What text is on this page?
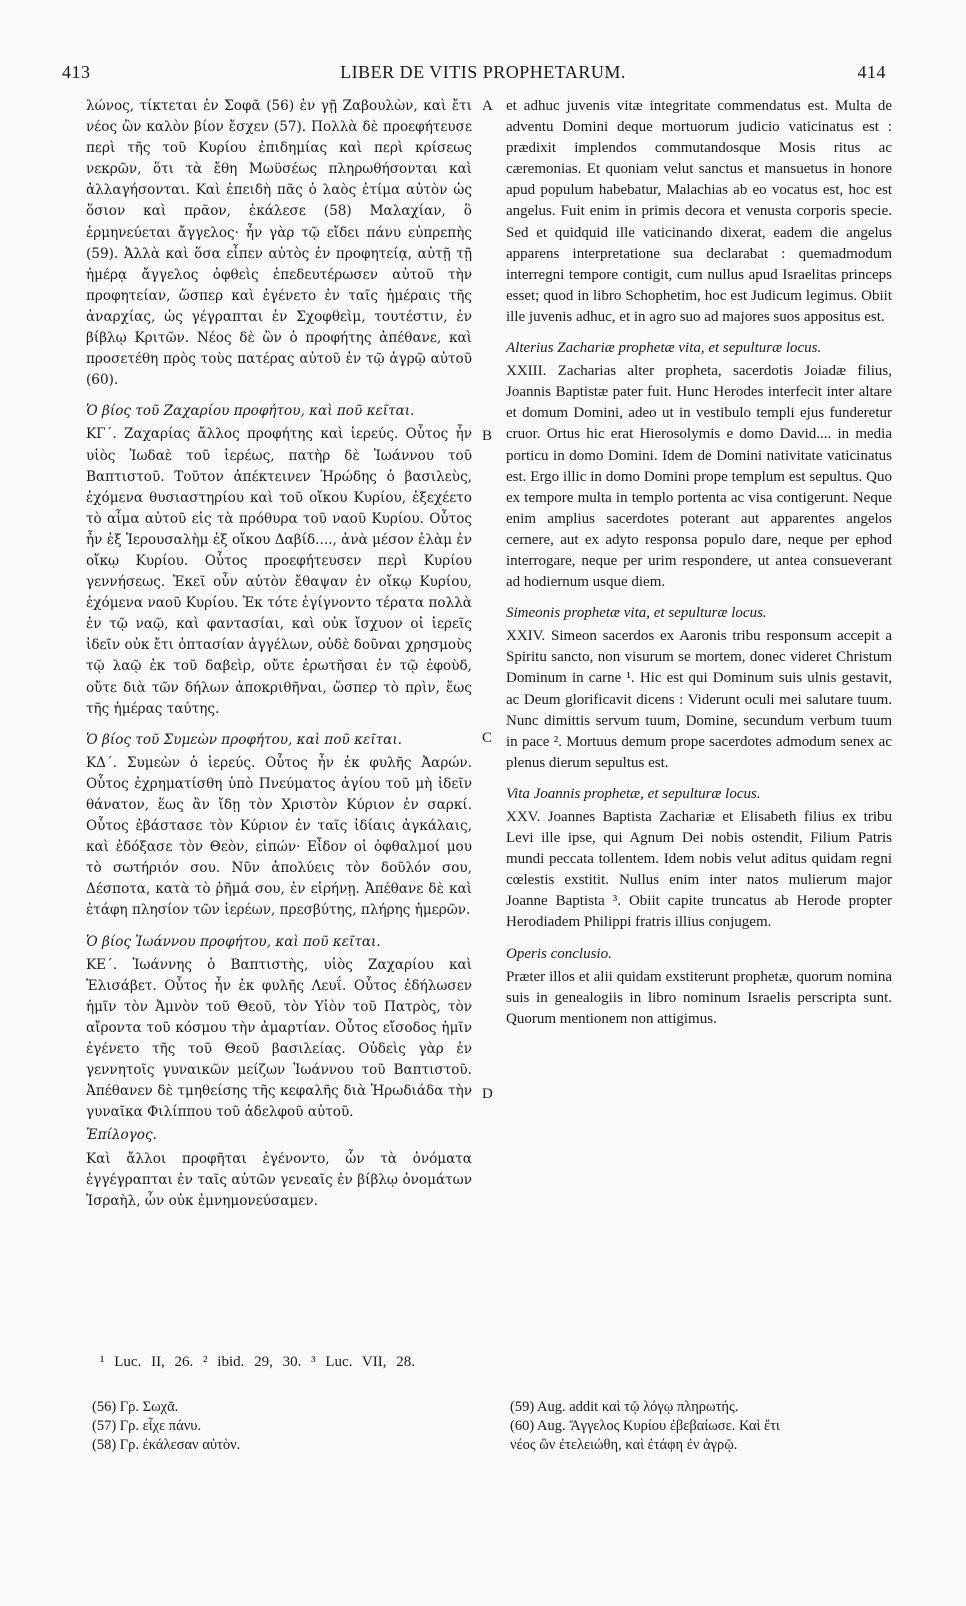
413	LIBER DE VITIS PROPHETARUM.	414

λώνος, τίκτεται ἐν Σοφᾶ (56) ἐν γῇ Ζαβουλὼν, καὶ ἔτι νέος ὢν καλὸν βίον ἔσχεν (57). Πολλὰ δὲ προεφήτευσε περὶ τῆς τοῦ Κυρίου ἐπιδημίας καὶ περὶ κρίσεως νεκρῶν, ὅτι τὰ ἔθη Μωϋσέως πληρωθήσονται καὶ ἀλλαγήσονται. Καὶ ἐπειδὴ πᾶς ὁ λαὸς ἐτίμα αὐτὸν ὡς ὅσιον καὶ πρᾶον, ἐκάλεσε (58) Μαλαχίαν, ὃ ἑρμηνεύεται ἄγγελος· ἦν γὰρ τῷ εἴδει πάνυ εὐπρεπὴς (59). Ἀλλὰ καὶ ὅσα εἶπεν αὐτὸς ἐν προφητείᾳ, αὐτῇ τῇ ἡμέρᾳ ἄγγελος ὀφθεὶς ἐπεδευτέρωσεν αὐτοῦ τὴν προφητείαν, ὥσπερ καὶ ἐγένετο ἐν ταῖς ἡμέραις τῆς ἀναρχίας, ὡς γέγραπται ἐν Σχοφθεὶμ, τουτέστιν, ἐν βίβλῳ Κριτῶν. Νέος δὲ ὢν ὁ προφήτης ἀπέθανε, καὶ προσετέθη πρὸς τοὺς πατέρας αὐτοῦ ἐν τῷ ἀγρῷ αὐτοῦ (60).

Ὁ βίος τοῦ Ζαχαρίου προφήτου, καὶ ποῦ κεῖται.

ΚΓ΄. Ζαχαρίας ἄλλος προφήτης καὶ ἱερεύς. Οὗτος ἦν υἱὸς Ἰωδαὲ τοῦ ἱερέως, πατὴρ δὲ Ἰωάννου τοῦ Βαπτιστοῦ. Τοῦτον ἀπέκτεινεν Ἡρώδης ὁ βασιλεὺς, ἐχόμενα θυσιαστηρίου καὶ τοῦ οἴκου Κυρίου, ἐξεχέετο τὸ αἷμα αὐτοῦ εἰς τὰ πρόθυρα τοῦ ναοῦ Κυρίου. Οὗτος ἦν ἐξ Ἱερουσαλὴμ ἐξ οἴκου Δαβίδ...., ἀνὰ μέσον ἐλὰμ ἐν οἴκῳ Κυρίου. Οὗτος προεφήτευσεν περὶ Κυρίου γεννήσεως. Ἐκεῖ οὖν αὐτὸν ἔθαψαν ἐν οἴκῳ Κυρίου, ἐχόμενα ναοῦ Κυρίου. Ἐκ τότε ἐγίγνοντο τέρατα πολλὰ ἐν τῷ ναῷ, καὶ φαντασίαι, καὶ οὐκ ἴσχυον οἱ ἱερεῖς ἰδεῖν οὐκ ἔτι ὀπτασίαν ἀγγέλων, οὐδὲ δοῦναι χρησμοὺς τῷ λαῷ ἐκ τοῦ δαβεὶρ, οὔτε ἐρωτῆσαι ἐν τῷ ἐφοὺδ, οὔτε διὰ τῶν δήλων ἀποκριθῆναι, ὥσπερ τὸ πρὶν, ἕως τῆς ἡμέρας ταύτης.

Ὁ βίος τοῦ Συμεὼν προφήτου, καὶ ποῦ κεῖται.

ΚΔ΄. Συμεὼν ὁ ἱερεύς. Οὗτος ἦν ἐκ φυλῆς Ἀαρών. Οὗτος ἐχρηματίσθη ὑπὸ Πνεύματος ἁγίου τοῦ μὴ ἰδεῖν θάνατον, ἕως ἂν ἴδῃ τὸν Χριστὸν Κύριον ἐν σαρκί. Οὗτος ἐβάστασε τὸν Κύριον ἐν ταῖς ἰδίαις ἀγκάλαις, καὶ ἐδόξασε τὸν Θεὸν, εἰπών· Εἶδον οἱ ὀφθαλμοί μου τὸ σωτήριόν σου. Νῦν ἀπολύεις τὸν δοῦλόν σου, Δέσποτα, κατὰ τὸ ῥῆμά σου, ἐν εἰρήνῃ. Ἀπέθανε δὲ καὶ ἐτάφη πλησίον τῶν ἱερέων, πρεσβύτης, πλήρης ἡμερῶν.

Ὁ βίος Ἰωάννου προφήτου, καὶ ποῦ κεῖται.

ΚΕ΄. Ἰωάννης ὁ Βαπτιστὴς, υἱὸς Ζαχαρίου καὶ Ἐλισάβετ. Οὗτος ἦν ἐκ φυλῆς Λευΐ. Οὗτος ἐδήλωσεν ἡμῖν τὸν Ἀμνὸν τοῦ Θεοῦ, τὸν Υἱὸν τοῦ Πατρὸς, τὸν αἴροντα τοῦ κόσμου τὴν ἁμαρτίαν. Οὗτος εἴσοδος ἡμῖν ἐγένετο τῆς τοῦ Θεοῦ βασιλείας. Οὐδεὶς γὰρ ἐν γεννητοῖς γυναικῶν μείζων Ἰωάννου τοῦ Βαπτιστοῦ. Ἀπέθανεν δὲ τμηθείσης τῆς κεφαλῆς διὰ Ἡρωδιάδα τὴν γυναῖκα Φιλίππου τοῦ ἀδελφοῦ αὐτοῦ.

Ἐπίλογος.

Καὶ ἄλλοι προφῆται ἐγένοντο, ὧν τὰ ὀνόματα ἐγγέγραπται ἐν ταῖς αὐτῶν γενεαῖς ἐν βίβλῳ ὀνομάτων Ἰσραὴλ, ὧν οὐκ ἐμνημονεύσαμεν.

A
B
C
D

et adhuc juvenis vitæ integritate commendatus est. Multa de adventu Domini deque mortuorum judicio vaticinatus est : prædixit implendos commutandosque Mosis ritus ac cæremonias. Et quoniam velut sanctus et mansuetus in honore apud populum habebatur, Malachias ab eo vocatus est, hoc est angelus. Fuit enim in primis decora et venusta corporis specie. Sed et quidquid ille vaticinando dixerat, eadem die angelus apparens interpretatione sua declarabat : quemadmodum interregni tempore contigit, cum nullus apud Israelitas princeps esset; quod in libro Schophetim, hoc est Judicum legimus. Obiit ille juvenis adhuc, et in agro suo ad majores suos appositus est.

Alterius Zachariæ prophetæ vita, et sepulturæ locus.

XXIII. Zacharias alter propheta, sacerdotis Joiadæ filius, Joannis Baptistæ pater fuit. Hunc Herodes interfecit inter altare et domum Domini, adeo ut in vestibulo templi ejus funderetur cruor. Ortus hic erat Hierosolymis e domo David.... in media porticu in domo Domini. Idem de Domini nativitate vaticinatus est. Ergo illic in domo Domini prope templum est sepultus. Quo ex tempore multa in templo portenta ac visa contigerunt. Neque enim amplius sacerdotes poterant aut apparentes angelos cernere, aut ex adyto responsa populo dare, neque per ephod interrogare, neque per urim respondere, ut antea consueverant ad hodiernum usque diem.

Simeonis prophetæ vita, et sepulturæ locus.

XXIV. Simeon sacerdos ex Aaronis tribu responsum accepit a Spiritu sancto, non visurum se mortem, donec videret Christum Dominum in carne ¹. Hic est qui Dominum suis ulnis gestavit, ac Deum glorificavit dicens : Viderunt oculi mei salutare tuum. Nunc dimittis servum tuum, Domine, secundum verbum tuum in pace ². Mortuus demum prope sacerdotes admodum senex ac plenus dierum sepultus est.

Vita Joannis prophetæ, et sepulturæ locus.

XXV. Joannes Baptista Zachariæ et Elisabeth filius ex tribu Levi ille ipse, qui Agnum Dei nobis ostendit, Filium Patris mundi peccata tollentem. Idem nobis velut aditus quidam regni cœlestis exstitit. Nullus enim inter natos mulierum major Joanne Baptista ³. Obiit capite truncatus ab Herode propter Herodiadem Philippi fratris illius conjugem.

Operis conclusio.

Præter illos et alii quidam exstiterunt prophetæ, quorum nomina suis in genealogiis in libro nominum Israelis perscripta sunt. Quorum mentionem non attigimus.

¹ Luc. II, 26. ² ibid. 29, 30. ³ Luc. VII, 28.
(56) Γρ. Σωχᾶ.
(57) Γρ. εἶχε πάνυ.
(58) Γρ. ἐκάλεσαν αὐτὸν.
(59) Aug. addit καὶ τῷ λόγῳ πληρωτής.
(60) Aug. Ἄγγελος Κυρίου ἐβεβαίωσε. Καὶ ἔτι
νέος ὢν ἐτελειώθη, καὶ ἐτάφη ἐν ἀγρῷ.
